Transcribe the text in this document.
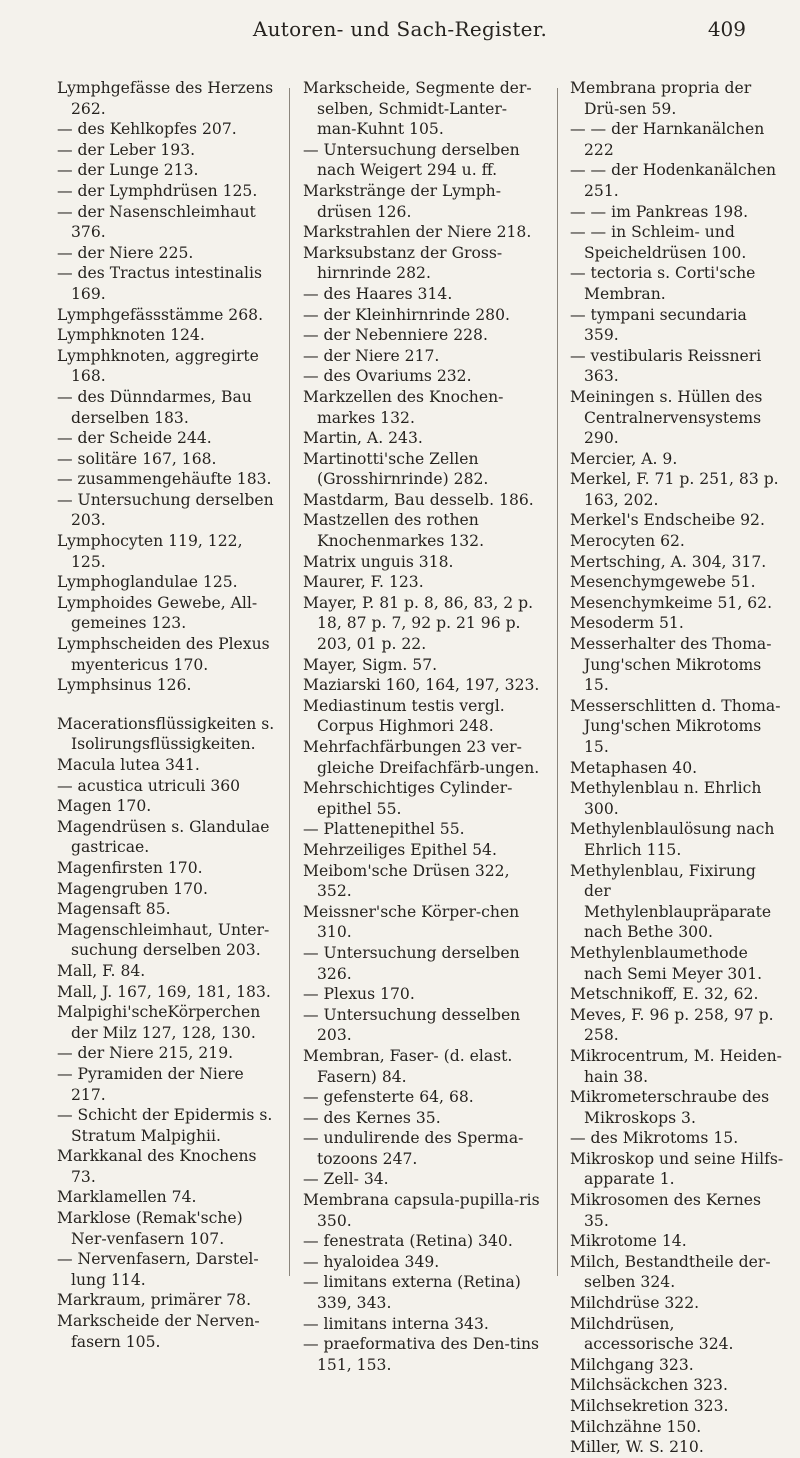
Autoren- und Sach-Register.	409
Lymphgefässe des Herzens 262.
— des Kehlkopfes 207.
— der Leber 193.
— der Lunge 213.
— der Lymphdrüsen 125.
— der Nasenschleimhaut 376.
— der Niere 225.
— des Tractus intestinalis 169.
Lymphgefässstämme 268.
Lymphknoten 124.
Lymphknoten, aggregirte 168.
— des Dünndarmes, Bau derselben 183.
— der Scheide 244.
— solitäre 167, 168.
— zusammengehäufte 183.
— Untersuchung derselben 203.
Lymphocyten 119, 122, 125.
Lymphoglandulae 125.
Lymphoides Gewebe, All-gemeines 123.
Lymphscheiden des Plexus myentericus 170.
Lymphsinus 126.
Macerationsflüssigkeiten s. Isolirungsflüssigkeiten.
Macula lutea 341.
— acustica utriculi 360
Magen 170.
Magendrüsen s. Glandulae gastricae.
Magenfirsten 170.
Magengruben 170.
Magensaft 85.
Magenschleimhaut, Unter-suchung derselben 203.
Mall, F. 84.
Mall, J. 167, 169, 181, 183.
Malpighi'scheKörperchen der Milz 127, 128, 130.
— der Niere 215, 219.
— Pyramiden der Niere 217.
— Schicht der Epidermis s. Stratum Malpighii.
Markkanal des Knochens 73.
Marklamellen 74.
Marklose (Remak'sche) Ner-venfasern 107.
— Nervenfasern, Darstel-lung 114.
Markraum, primärer 78.
Markscheide der Nerven-fasern 105.
Markscheide, Segmente der-selben, Schmidt-Lanter-man-Kuhnt 105.
— Untersuchung derselben nach Weigert 294 u. ff.
Markstränge der Lymph-drüsen 126.
Markstrahlen der Niere 218.
Marksubstanz der Gross-hirnrinde 282.
— des Haares 314.
— der Kleinhirnrinde 280.
— der Nebenniere 228.
— der Niere 217.
— des Ovariums 232.
Markzellen des Knochen-markes 132.
Martin, A. 243.
Martinotti'sche Zellen (Grosshirnrinde) 282.
Mastdarm, Bau desselb. 186.
Mastzellen des rothen Knochenmarkes 132.
Matrix unguis 318.
Maurer, F. 123.
Mayer, P. 81 p. 8, 86, 83, 2 p. 18, 87 p. 7, 92 p. 21 96 p. 203, 01 p. 22.
Mayer, Sigm. 57.
Maziarski 160, 164, 197, 323.
Mediastinum testis vergl. Corpus Highmori 248.
Mehrfachfärbungen 23 ver-gleiche Dreifachfärb-ungen.
Mehrschichtiges Cylinder-epithel 55.
— Plattenepithel 55.
Mehrzeiliges Epithel 54.
Meibom'sche Drüsen 322, 352.
Meissner'sche Körper-chen 310.
— Untersuchung derselben 326.
— Plexus 170.
— Untersuchung desselben 203.
Membran, Faser- (d. elast. Fasern) 84.
— gefensterte 64, 68.
— des Kernes 35.
— undulirende des Sperma-tozoons 247.
— Zell- 34.
Membrana capsula-pupilla-ris 350.
— fenestrata (Retina) 340.
— hyaloidea 349.
— limitans externa (Retina) 339, 343.
— limitans interna 343.
— praeformativa des Den-tins 151, 153.
Membrana propria der Drü-sen 59.
— — der Harnkanälchen 222
— — der Hodenkanälchen 251.
— — im Pankreas 198.
— — in Schleim- und Speicheldrüsen 100.
— tectoria s. Corti'sche Membran.
— tympani secundaria 359.
— vestibularis Reissneri 363.
Meiningen s. Hüllen des Centralnervensystems 290.
Mercier, A. 9.
Merkel, F. 71 p. 251, 83 p. 163, 202.
Merkel's Endscheibe 92.
Merocyten 62.
Mertsching, A. 304, 317.
Mesenchymgewebe 51.
Mesenchymkeime 51, 62.
Mesoderm 51.
Messerhalter des Thoma-Jung'schen Mikrotoms 15.
Messerschlitten d. Thoma-Jung'schen Mikrotoms 15.
Metaphasen 40.
Methylenblau n. Ehrlich 300.
Methylenblaulösung nach Ehrlich 115.
Methylenblau, Fixirung der Methylenblaupräparate nach Bethe 300.
Methylenblaumethode nach Semi Meyer 301.
Metschnikoff, E. 32, 62.
Meves, F. 96 p. 258, 97 p. 258.
Mikrocentrum, M. Heiden-hain 38.
Mikrometerschraube des Mikroskops 3.
— des Mikrotoms 15.
Mikroskop und seine Hilfs-apparate 1.
Mikrosomen des Kernes 35.
Mikrotome 14.
Milch, Bestandtheile der-selben 324.
Milchdrüse 322.
Milchdrüsen, accessorische 324.
Milchgang 323.
Milchsäckchen 323.
Milchsekretion 323.
Milchzähne 150.
Miller, W. S. 210.
